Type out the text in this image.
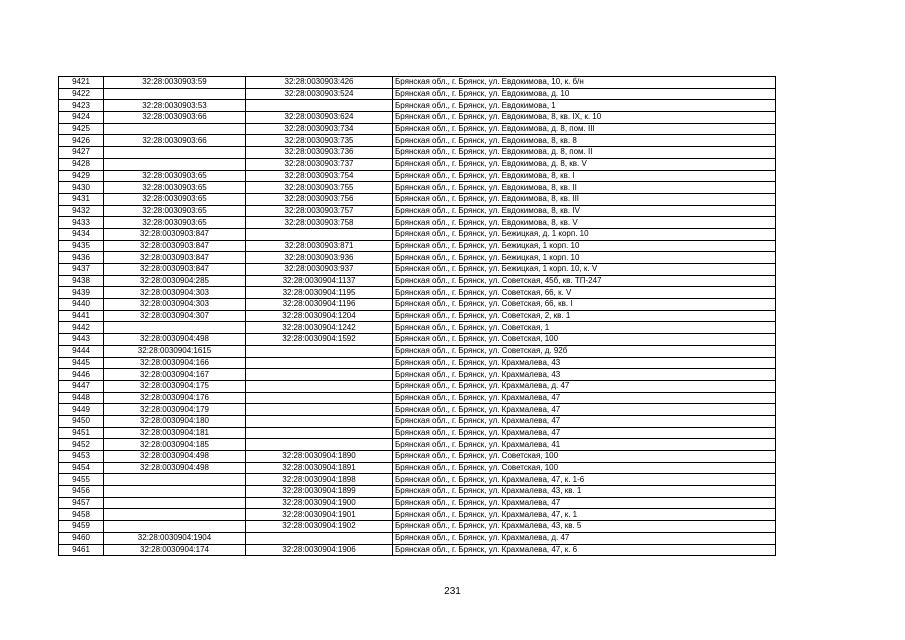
9421	32:28:0030903:59	32:28:0030903:426	Брянская обл., г. Брянск, ул. Евдокимова, 10, к. б/н
9422		32:28:0030903:524	Брянская обл., г. Брянск, ул. Евдокимова, д. 10
9423	32:28:0030903:53		Брянская обл., г. Брянск, ул. Евдокимова, 1
9424	32:28:0030903:66	32:28:0030903:624	Брянская обл., г. Брянск, ул. Евдокимова, 8, кв. IX, к. 10
9425		32:28:0030903:734	Брянская обл., г. Брянск, ул. Евдокимова, д. 8, пом. III
9426	32:28:0030903:66	32:28:0030903:735	Брянская обл., г. Брянск, ул. Евдокимова, 8, кв. 8
9427		32:28:0030903:736	Брянская обл., г. Брянск, ул. Евдокимова, д. 8, пом. II
9428		32:28:0030903:737	Брянская обл., г. Брянск, ул. Евдокимова, д. 8, кв. V
9429	32:28:0030903:65	32:28:0030903:754	Брянская обл., г. Брянск, ул. Евдокимова, 8, кв. I
9430	32:28:0030903:65	32:28:0030903:755	Брянская обл., г. Брянск, ул. Евдокимова, 8, кв. II
9431	32:28:0030903:65	32:28:0030903:756	Брянская обл., г. Брянск, ул. Евдокимова, 8, кв. III
9432	32:28:0030903:65	32:28:0030903:757	Брянская обл., г. Брянск, ул. Евдокимова, 8, кв. IV
9433	32:28:0030903:65	32:28:0030903:758	Брянская обл., г. Брянск, ул. Евдокимова, 8, кв. V
9434	32:28:0030903:847		Брянская обл., г. Брянск, ул. Бежицкая, д. 1 корп. 10
9435	32:28:0030903:847	32:28:0030903:871	Брянская обл., г. Брянск, ул. Бежицкая, 1 корп. 10
9436	32:28:0030903:847	32:28:0030903:936	Брянская обл., г. Брянск, ул. Бежицкая, 1 корп. 10
9437	32:28:0030903:847	32:28:0030903:937	Брянская обл., г. Брянск, ул. Бежицкая, 1 корп. 10, к. V
9438	32:28:0030904:285	32:28:0030904:1137	Брянская обл., г. Брянск, ул. Советская, 45б, кв. ТП-247
9439	32:28:0030904:303	32:28:0030904:1195	Брянская обл., г. Брянск, ул. Советская, 66, к. V
9440	32:28:0030904:303	32:28:0030904:1196	Брянская обл., г. Брянск, ул. Советская, 66, кв. I
9441	32:28:0030904:307	32:28:0030904:1204	Брянская обл., г. Брянск, ул. Советская, 2, кв. 1
9442		32:28:0030904:1242	Брянская обл., г. Брянск, ул. Советская, 1
9443	32:28:0030904:498	32:28:0030904:1592	Брянская обл., г. Брянск, ул. Советская, 100
9444	32:28:0030904:1615		Брянская обл., г. Брянск, ул. Советская, д. 92б
9445	32:28:0030904:166		Брянская обл., г. Брянск, ул. Крахмалева, 43
9446	32:28:0030904:167		Брянская обл., г. Брянск, ул. Крахмалева, 43
9447	32:28:0030904:175		Брянская обл., г. Брянск, ул. Крахмалева, д. 47
9448	32:28:0030904:176		Брянская обл., г. Брянск, ул. Крахмалева, 47
9449	32:28:0030904:179		Брянская обл., г. Брянск, ул. Крахмалева, 47
9450	32:28:0030904:180		Брянская обл., г. Брянск, ул. Крахмалева, 47
9451	32:28:0030904:181		Брянская обл., г. Брянск, ул. Крахмалева, 47
9452	32:28:0030904:185		Брянская обл., г. Брянск, ул. Крахмалева, 41
9453	32:28:0030904:498	32:28:0030904:1890	Брянская обл., г. Брянск, ул. Советская, 100
9454	32:28:0030904:498	32:28:0030904:1891	Брянская обл., г. Брянск, ул. Советская, 100
9455		32:28:0030904:1898	Брянская обл., г. Брянск, ул. Крахмалева, 47, к. 1-6
9456		32:28:0030904:1899	Брянская обл., г. Брянск, ул. Крахмалева, 43, кв. 1
9457		32:28:0030904:1900	Брянская обл., г. Брянск, ул. Крахмалева, 47
9458		32:28:0030904:1901	Брянская обл., г. Брянск, ул. Крахмалева, 47, к. 1
9459		32:28:0030904:1902	Брянская обл., г. Брянск, ул. Крахмалева, 43, кв. 5
9460	32:28:0030904:1904		Брянская обл., г. Брянск, ул. Крахмалева, д. 47
9461	32:28:0030904:174	32:28:0030904:1906	Брянская обл., г. Брянск, ул. Крахмалева, 47, к. 6
231
